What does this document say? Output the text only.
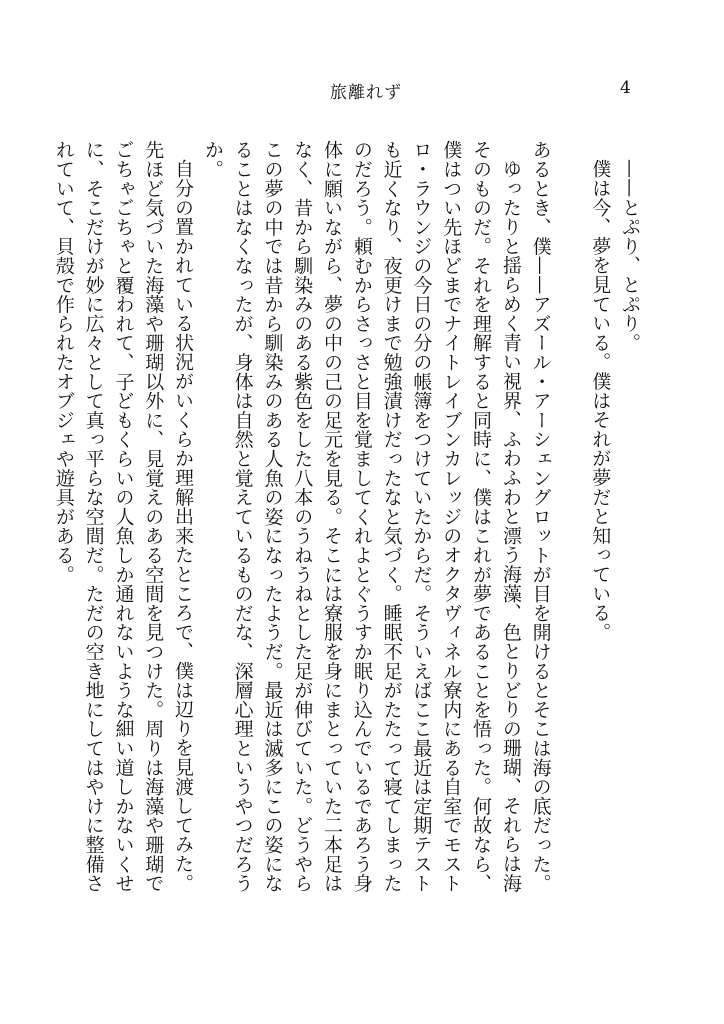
旅離れず	4

——とぷり、とぷり。

僕は今、夢を見ている。僕はそれが夢だと知っている。

あるとき、僕——アズール・アーシェングロットが目を開けるとそこは海の底だった。

ゆったりと揺らめく青い視界、ふわふわと漂う海藻、色とりどりの珊瑚、それらは海そのものだ。それを理解すると同時に、僕はこれが夢であることを悟った。何故なら、僕はつい先ほどまでナイトレイブンカレッジのオクタヴィネル寮内にある自室でモストロ・ラウンジの今日の分の帳簿をつけていたからだ。そういえばここ最近は定期テストも近くなり、夜更けまで勉強漬けだったなと気づく。睡眠不足がたたって寝てしまったのだろう。頼むからさっさと目を覚ましてくれよとぐうすか眠り込んでいるであろう身体に願いながら、夢の中の己の足元を見る。そこには寮服を身にまとっていた二本足はなく、昔から馴染みのある紫色をした八本のうねうねとした足が伸びていた。どうやらこの夢の中では昔から馴染みのある人魚の姿になったようだ。最近は滅多にこの姿になることはなくなったが、身体は自然と覚えているものだな、深層心理というやつだろうか。

自分の置かれている状況がいくらか理解出来たところで、僕は辺りを見渡してみた。先ほど気づいた海藻や珊瑚以外に、見覚えのある空間を見つけた。周りは海藻や珊瑚でごちゃごちゃと覆われて、子どもくらいの人魚しか通れないような細い道しかないくせに、そこだけが妙に広々として真っ平らな空間だ。ただの空き地にしてはやけに整備されていて、貝殻で作られたオブジェや遊具がある。
